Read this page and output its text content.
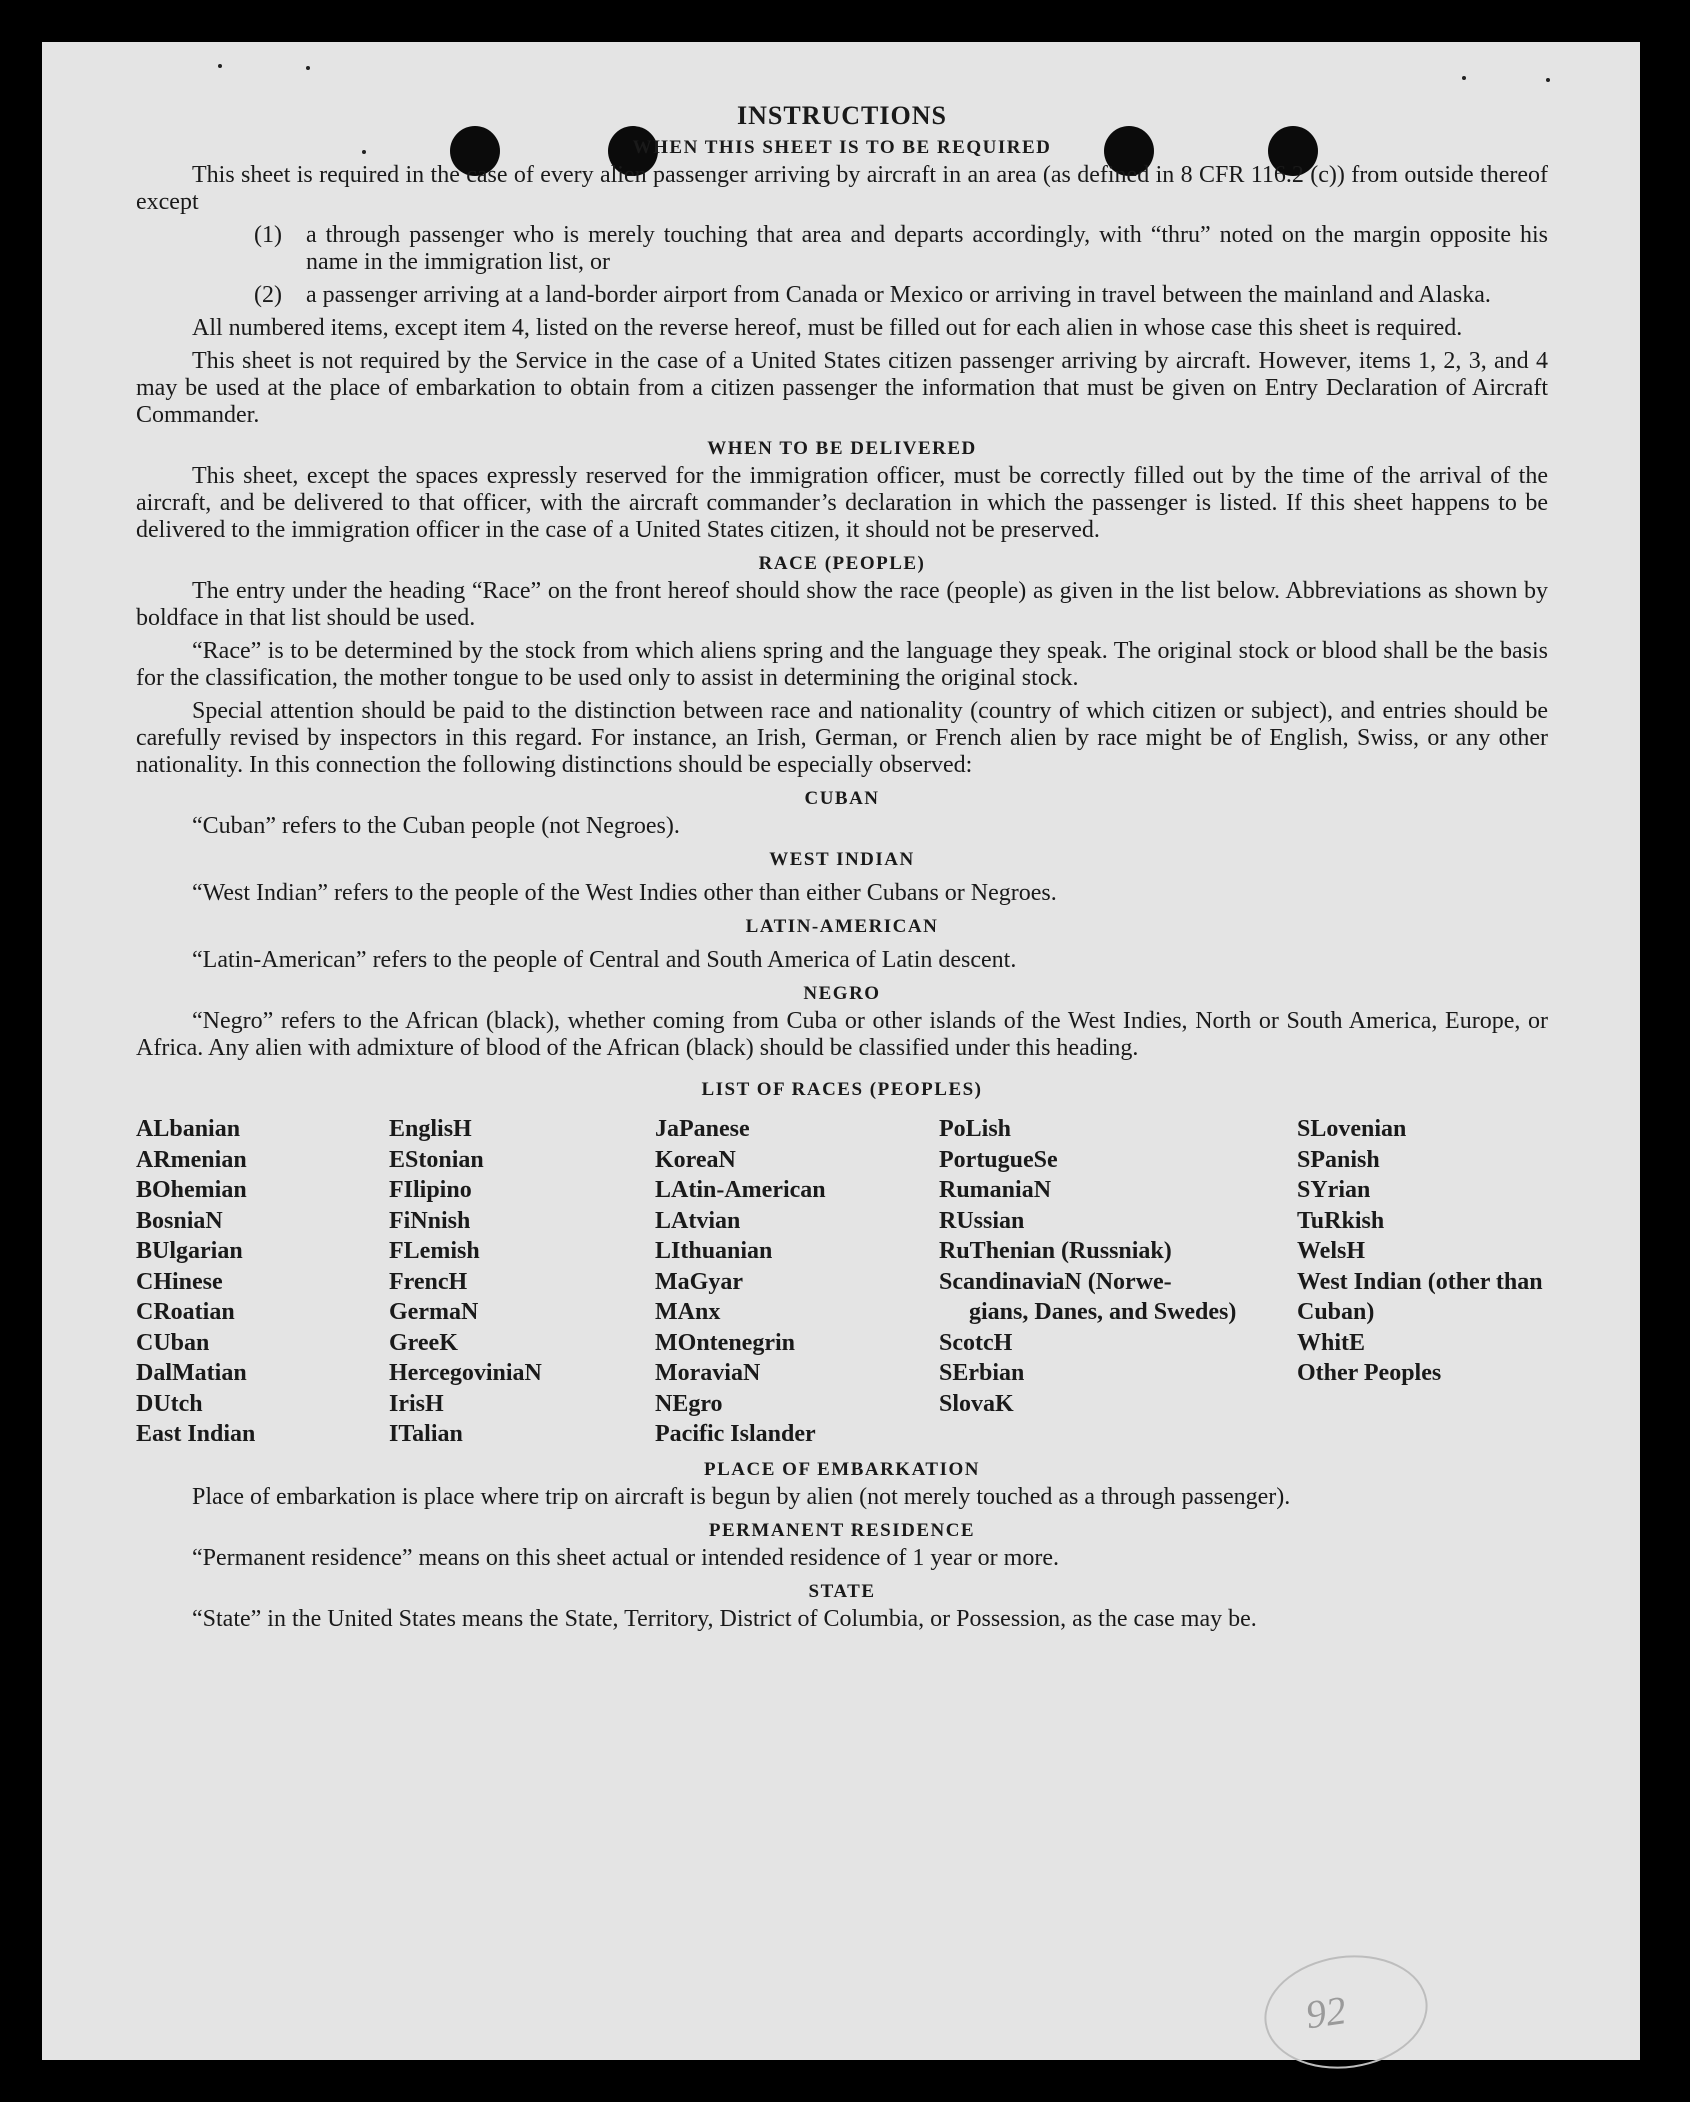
92
INSTRUCTIONS
WHEN THIS SHEET IS TO BE REQUIRED

This sheet is required in the case of every alien passenger arriving by aircraft in an area (as defined in 8 CFR 116.2 (c)) from outside thereof except

(1)	a through passenger who is merely touching that area and departs accordingly, with “thru” noted on the margin opposite his name in the immigration list, or
(2)	a passenger arriving at a land-border airport from Canada or Mexico or arriving in travel between the mainland and Alaska.

All numbered items, except item 4, listed on the reverse hereof, must be filled out for each alien in whose case this sheet is required.

This sheet is not required by the Service in the case of a United States citizen passenger arriving by aircraft. However, items 1, 2, 3, and 4 may be used at the place of embarkation to obtain from a citizen passenger the information that must be given on Entry Declaration of Aircraft Commander.

WHEN TO BE DELIVERED

This sheet, except the spaces expressly reserved for the immigration officer, must be correctly filled out by the time of the arrival of the aircraft, and be delivered to that officer, with the aircraft commander’s declaration in which the passenger is listed. If this sheet happens to be delivered to the immigration officer in the case of a United States citizen, it should not be preserved.

RACE (PEOPLE)

The entry under the heading “Race” on the front hereof should show the race (people) as given in the list below. Abbreviations as shown by boldface in that list should be used.

“Race” is to be determined by the stock from which aliens spring and the language they speak. The original stock or blood shall be the basis for the classification, the mother tongue to be used only to assist in determining the original stock.

Special attention should be paid to the distinction between race and nationality (country of which citizen or subject), and entries should be carefully revised by inspectors in this regard. For instance, an Irish, German, or French alien by race might be of English, Swiss, or any other nationality. In this connection the following distinctions should be especially observed:

CUBAN

“Cuban” refers to the Cuban people (not Negroes).

WEST INDIAN

“West Indian” refers to the people of the West Indies other than either Cubans or Negroes.

LATIN-AMERICAN

“Latin-American” refers to the people of Central and South America of Latin descent.

NEGRO

“Negro” refers to the African (black), whether coming from Cuba or other islands of the West Indies, North or South America, Europe, or Africa. Any alien with admixture of blood of the African (black) should be classified under this heading.

LIST OF RACES (PEOPLES)
ALbanian
ARmenian
BOhemian
BosniaN
BUlgarian
CHinese
CRoatian
CUban
DalMatian
DUtch
East Indian
EnglisH
EStonian
FIlipino
FiNnish
FLemish
FrencH
GermaN
GreeK
HercegoviniaN
IrisH
ITalian
JaPanese
KoreaN
LAtin-American
LAtvian
LIthuanian
MaGyar
MAnx
MOntenegrin
MoraviaN
NEgro
Pacific Islander
PoLish
PortugueSe
RumaniaN
RUssian
RuThenian (Russniak)
ScandinaviaN (Norwe-
gians, Danes, and Swedes)
ScotcH
SErbian
SlovaK
SLovenian
SPanish
SYrian
TuRkish
WelsH
West Indian (other than Cuban)
WhitE
Other Peoples
PLACE OF EMBARKATION

Place of embarkation is place where trip on aircraft is begun by alien (not merely touched as a through passenger).

PERMANENT RESIDENCE

“Permanent residence” means on this sheet actual or intended residence of 1 year or more.

STATE

“State” in the United States means the State, Territory, District of Columbia, or Possession, as the case may be.
